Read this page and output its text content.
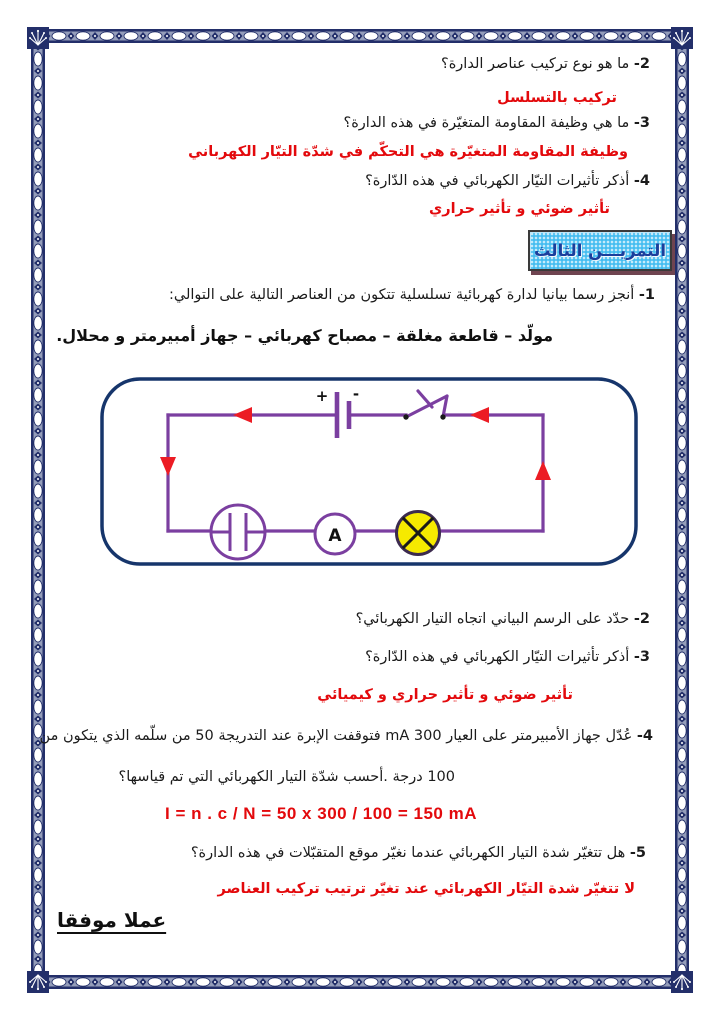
2- ما هو نوع تركيب عناصر الدارة؟
تركيب بالتسلسل
3- ما هي وظيفة المقاومة المتغيّرة في هذه الدارة؟
وظيفة المقاومة المتغيّرة هي التحكّم في شدّة التيّار الكهرباني
4- أذكر تأثيرات التيّار الكهربائي في هذه الدّارة؟
تأثير ضوئي و تأثير حراري
التمريـــن الثالث
1- أنجز رسما بيانيا لدارة كهربائية تسلسلية تتكون من العناصر التالية على التوالي:
مولّد – قاطعة مغلقة – مصباح كهربائي – جهاز أمبيرمتر و محلال.
+ -
A
2- حدّد على الرسم البياني اتجاه التيار الكهربائي؟
3- أذكر تأثيرات التيّار الكهربائي في هذه الدّارة؟
تأثير ضوئي و تأثير حراري و كيميائي
4- عُدّل جهاز الأمبيرمتر على العيار 300 mA فتوقفت الإبرة عند التدريجة 50 من سلّمه الذي يتكون من
100 درجة .أحسب شدّة التيار الكهربائي التي تم قياسها؟
I = n . c / N = 50 x 300 / 100 = 150 mA
5- هل تتغيّر شدة التيار الكهربائي عندما نغيّر موقع المتقبّلات في هذه الدارة؟
لا تتغيّر شدة التيّار الكهربائي عند تغيّر ترتيب تركيب العناصر
عملا موفقا
